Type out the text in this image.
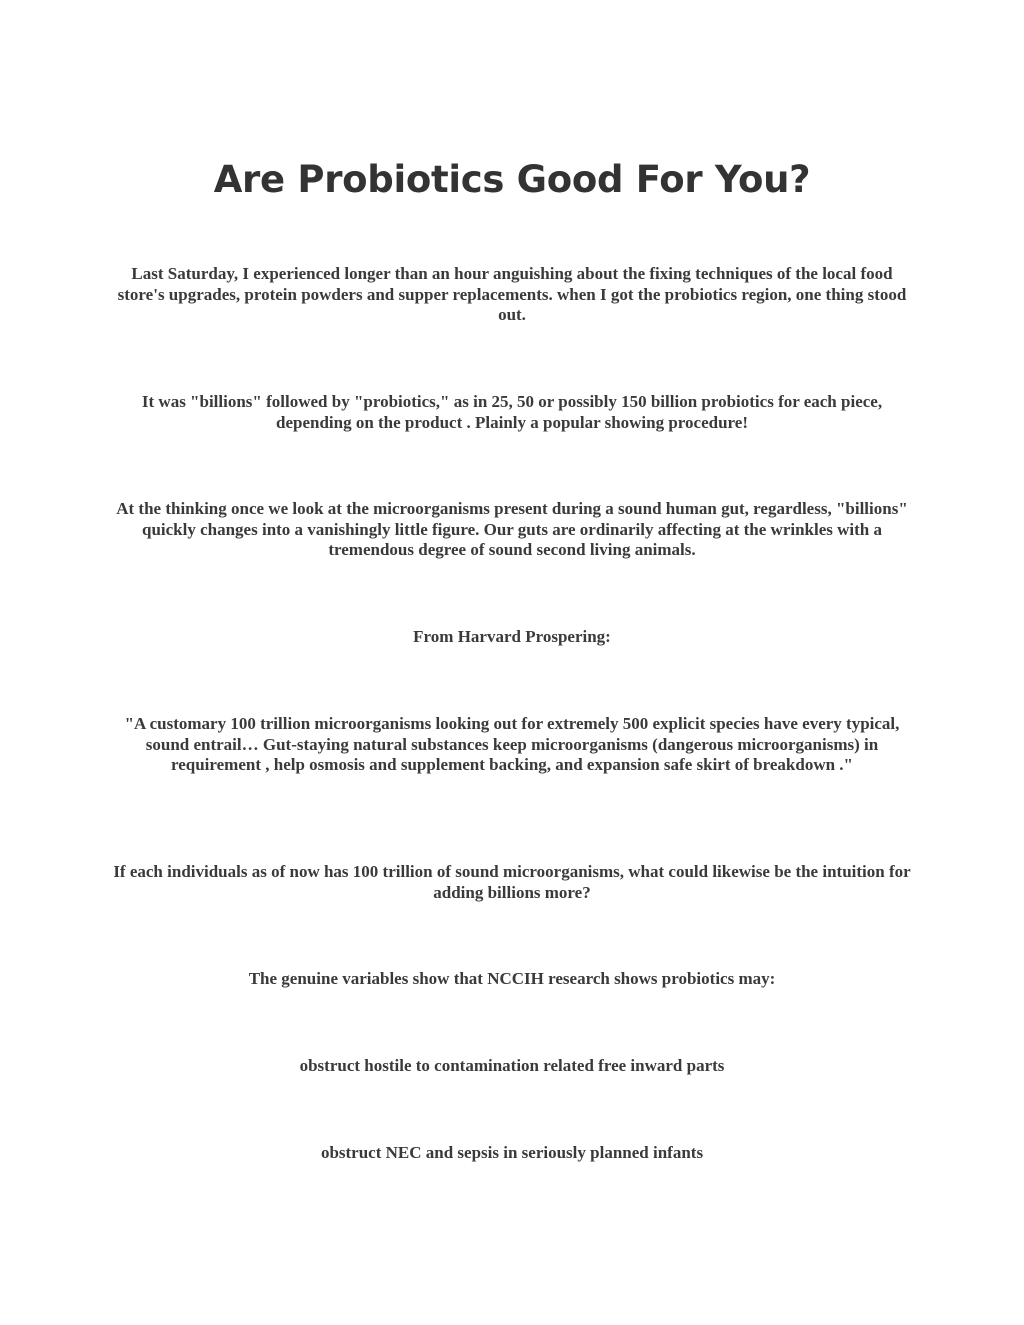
Are Probiotics Good For You?

Last Saturday, I experienced longer than an hour anguishing about the fixing techniques of the local food store's upgrades, protein powders and supper replacements. when I got the probiotics region, one thing stood out.

It was "billions" followed by "probiotics," as in 25, 50 or possibly 150 billion probiotics for each piece, depending on the product . Plainly a popular showing procedure!

At the thinking once we look at the microorganisms present during a sound human gut, regardless, "billions" quickly changes into a vanishingly little figure. Our guts are ordinarily affecting at the wrinkles with a tremendous degree of sound second living animals.

From Harvard Prospering:

"A customary 100 trillion microorganisms looking out for extremely 500 explicit species have every typical, sound entrail… Gut-staying natural substances keep microorganisms (dangerous microorganisms) in requirement , help osmosis and supplement backing, and expansion safe skirt of breakdown ."

If each individuals as of now has 100 trillion of sound microorganisms, what could likewise be the intuition for adding billions more?

The genuine variables show that NCCIH research shows probiotics may:

obstruct hostile to contamination related free inward parts

obstruct NEC and sepsis in seriously planned infants
